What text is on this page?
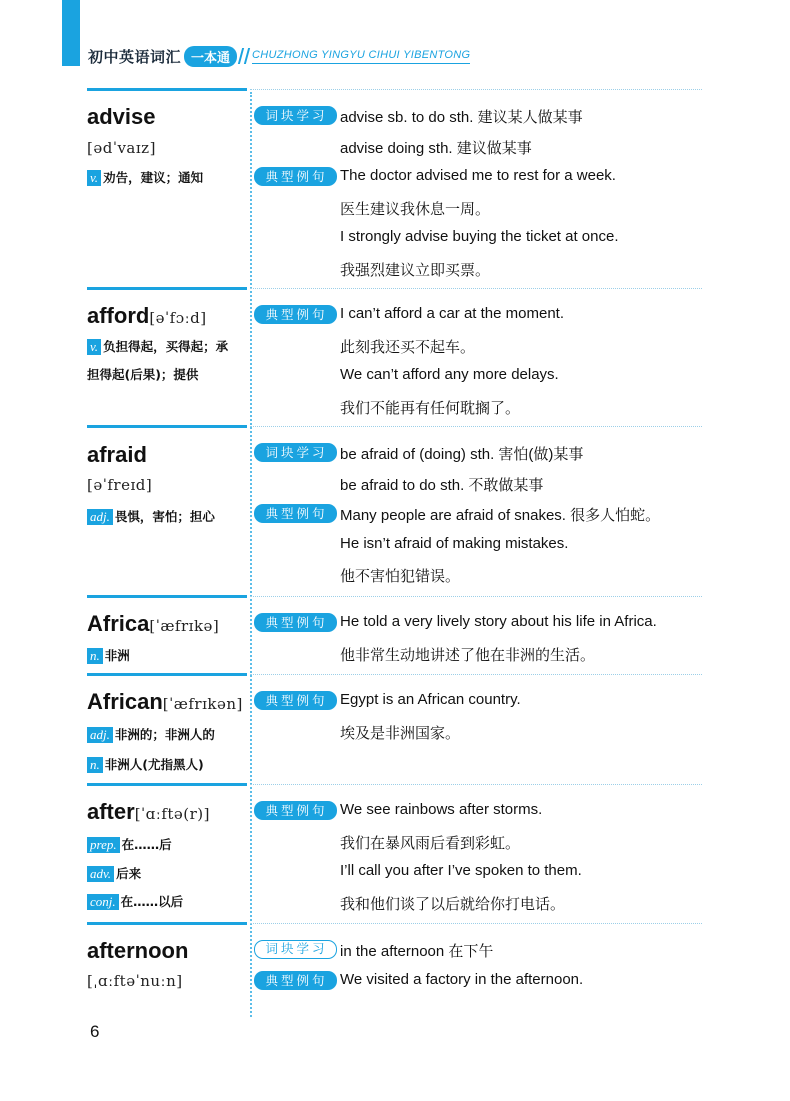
初中英语词汇 一本通	CHUZHONG YINGYU CIHUI YIBENTONG
advise
[ədˈvaɪz]
v. 劝告，建议；通知
词块学习 advise sb. to do sth. 建议某人做某事
advise doing sth. 建议做某事
典型例句 The doctor advised me to rest for a week.
医生建议我休息一周。
I strongly advise buying the ticket at once.
我强烈建议立即买票。
afford[əˈfɔːd]
v. 负担得起，买得起；承
担得起(后果)；提供
典型例句 I can’t afford a car at the moment.
此刻我还买不起车。
We can’t afford any more delays.
我们不能再有任何耽搁了。
afraid
[əˈfreɪd]
adj. 畏惧，害怕；担心
词块学习 be afraid of (doing) sth. 害怕(做)某事
be afraid to do sth. 不敢做某事
典型例句 Many people are afraid of snakes. 很多人怕蛇。
He isn’t afraid of making mistakes.
他不害怕犯错误。
Africa[ˈæfrɪkə]
n. 非洲
典型例句 He told a very lively story about his life in Africa.
他非常生动地讲述了他在非洲的生活。
African[ˈæfrɪkən]
adj. 非洲的；非洲人的
n. 非洲人(尤指黑人)
典型例句 Egypt is an African country.
埃及是非洲国家。
after[ˈɑːftə(r)]
prep. 在……后
adv. 后来
conj. 在……以后
典型例句 We see rainbows after storms.
我们在暴风雨后看到彩虹。
I’ll call you after I’ve spoken to them.
我和他们谈了以后就给你打电话。
afternoon
[ˌɑːftəˈnuːn]
词块学习 in the afternoon 在下午
典型例句 We visited a factory in the afternoon.
6
